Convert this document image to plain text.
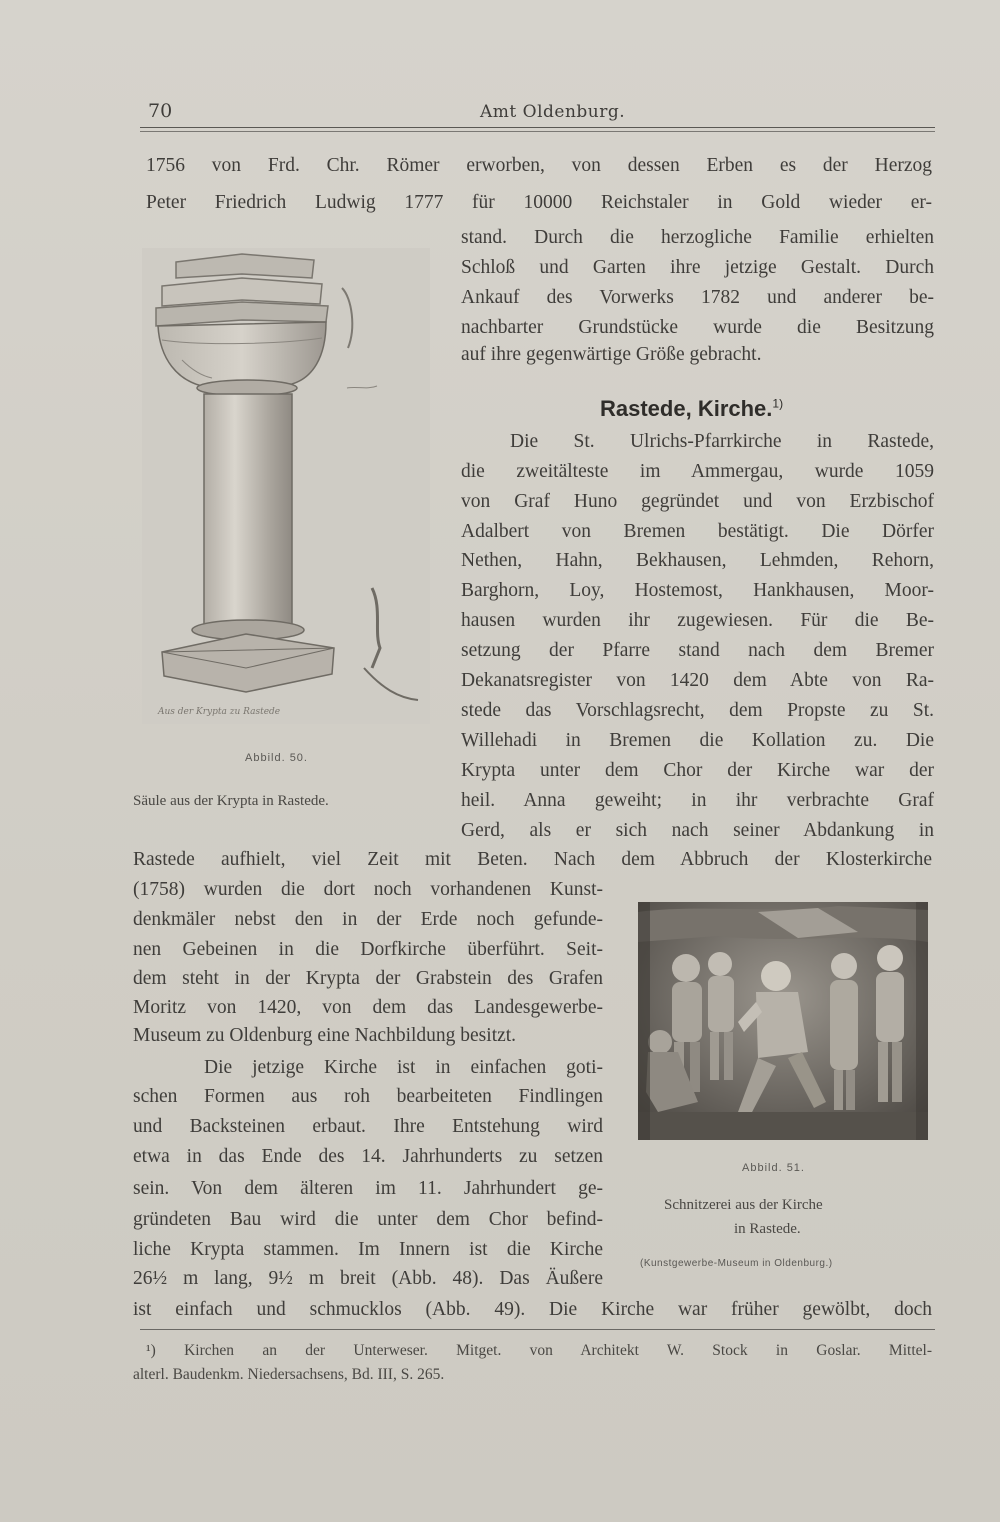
70	Amt Oldenburg.
1756 von Frd. Chr. Römer erworben, von dessen Erben es der Herzog
Peter Friedrich Ludwig 1777 für 10000 Reichstaler in Gold wieder er-
stand. Durch die herzogliche Familie erhielten
Schloß und Garten ihre jetzige Gestalt. Durch
Ankauf des Vorwerks 1782 und anderer be-
nachbarter Grundstücke wurde die Besitzung
auf ihre gegenwärtige Größe gebracht.
Rastede, Kirche.$^{1)}$
Die St. Ulrichs-Pfarrkirche in Rastede,
die zweitälteste im Ammergau, wurde 1059
von Graf Huno gegründet und von Erzbischof
Adalbert von Bremen bestätigt. Die Dörfer
Nethen, Hahn, Bekhausen, Lehmden, Rehorn,
Barghorn, Loy, Hostemost, Hankhausen, Moor-
hausen wurden ihr zugewiesen. Für die Be-
setzung der Pfarre stand nach dem Bremer
Dekanatsregister von 1420 dem Abte von Ra-
stede das Vorschlagsrecht, dem Propste zu St.
Willehadi in Bremen die Kollation zu. Die
Krypta unter dem Chor der Kirche war der
heil. Anna geweiht; in ihr verbrachte Graf
Gerd, als er sich nach seiner Abdankung in
Aus der Krypta zu Rastede
Abbild. 50.
Säule aus der Krypta in Rastede.
Rastede aufhielt, viel Zeit mit Beten. Nach dem Abbruch der Klosterkirche
(1758) wurden die dort noch vorhandenen Kunst-
denkmäler nebst den in der Erde noch gefunde-
nen Gebeinen in die Dorfkirche überführt. Seit-
dem steht in der Krypta der Grabstein des Grafen
Moritz von 1420, von dem das Landesgewerbe-
Museum zu Oldenburg eine Nachbildung besitzt.
Die jetzige Kirche ist in einfachen goti-
schen Formen aus roh bearbeiteten Findlingen
und Backsteinen erbaut. Ihre Entstehung wird
etwa in das Ende des 14. Jahrhunderts zu setzen
sein. Von dem älteren im 11. Jahrhundert ge-
gründeten Bau wird die unter dem Chor befind-
liche Krypta stammen. Im Innern ist die Kirche
26½ m lang, 9½ m breit (Abb. 48). Das Äußere
Abbild. 51.
Schnitzerei aus der Kirche
in Rastede.
(Kunstgewerbe-Museum in Oldenburg.)
ist einfach und schmucklos (Abb. 49). Die Kirche war früher gewölbt, doch
¹) Kirchen an der Unterweser. Mitget. von Architekt W. Stock in Goslar. Mittel-
alterl. Baudenkm. Niedersachsens, Bd. III, S. 265.
